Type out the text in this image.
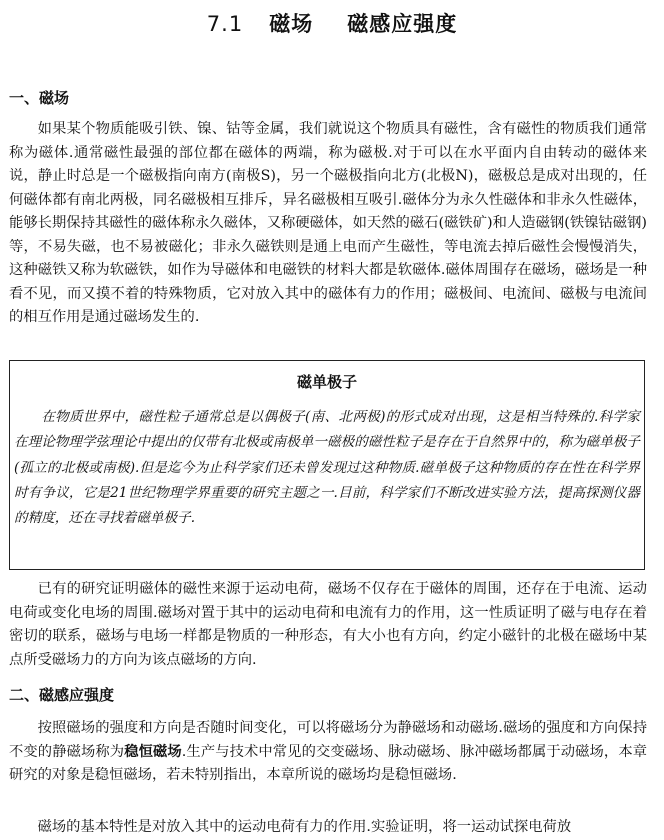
7.1 磁场 磁感应强度
一、磁场
如果某个物质能吸引铁、镍、钴等金属，我们就说这个物质具有磁性，含有磁性的物质我们通常称为磁体.通常磁性最强的部位都在磁体的两端，称为磁极.对于可以在水平面内自由转动的磁体来说，静止时总是一个磁极指向南方(南极S)，另一个磁极指向北方(北极N)，磁极总是成对出现的，任何磁体都有南北两极，同名磁极相互排斥，异名磁极相互吸引.磁体分为永久性磁体和非永久性磁体，能够长期保持其磁性的磁体称永久磁体，又称硬磁体，如天然的磁石(磁铁矿)和人造磁钢(铁镍钴磁钢)等，不易失磁，也不易被磁化；非永久磁铁则是通上电而产生磁性，等电流去掉后磁性会慢慢消失，这种磁铁又称为软磁铁，如作为导磁体和电磁铁的材料大都是软磁体.磁体周围存在磁场，磁场是一种看不见，而又摸不着的特殊物质，它对放入其中的磁体有力的作用；磁极间、电流间、磁极与电流间的相互作用是通过磁场发生的.
磁单极子
在物质世界中，磁性粒子通常总是以偶极子(南、北两极)的形式成对出现，这是相当特殊的.科学家在理论物理学弦理论中提出的仅带有北极或南极单一磁极的磁性粒子是存在于自然界中的，称为磁单极子(孤立的北极或南极).但是迄今为止科学家们还未曾发现过这种物质.磁单极子这种物质的存在性在科学界时有争议，它是21世纪物理学界重要的研究主题之一.目前，科学家们不断改进实验方法，提高探测仪器的精度，还在寻找着磁单极子.
已有的研究证明磁体的磁性来源于运动电荷，磁场不仅存在于磁体的周围，还存在于电流、运动电荷或变化电场的周围.磁场对置于其中的运动电荷和电流有力的作用，这一性质证明了磁与电存在着密切的联系，磁场与电场一样都是物质的一种形态，有大小也有方向，约定小磁针的北极在磁场中某点所受磁场力的方向为该点磁场的方向.
二、磁感应强度
按照磁场的强度和方向是否随时间变化，可以将磁场分为静磁场和动磁场.磁场的强度和方向保持不变的静磁场称为稳恒磁场.生产与技术中常见的交变磁场、脉动磁场、脉冲磁场都属于动磁场，本章研究的对象是稳恒磁场，若未特别指出，本章所说的磁场均是稳恒磁场.
磁场的基本特性是对放入其中的运动电荷有力的作用.实验证明，将一运动试探电荷放
